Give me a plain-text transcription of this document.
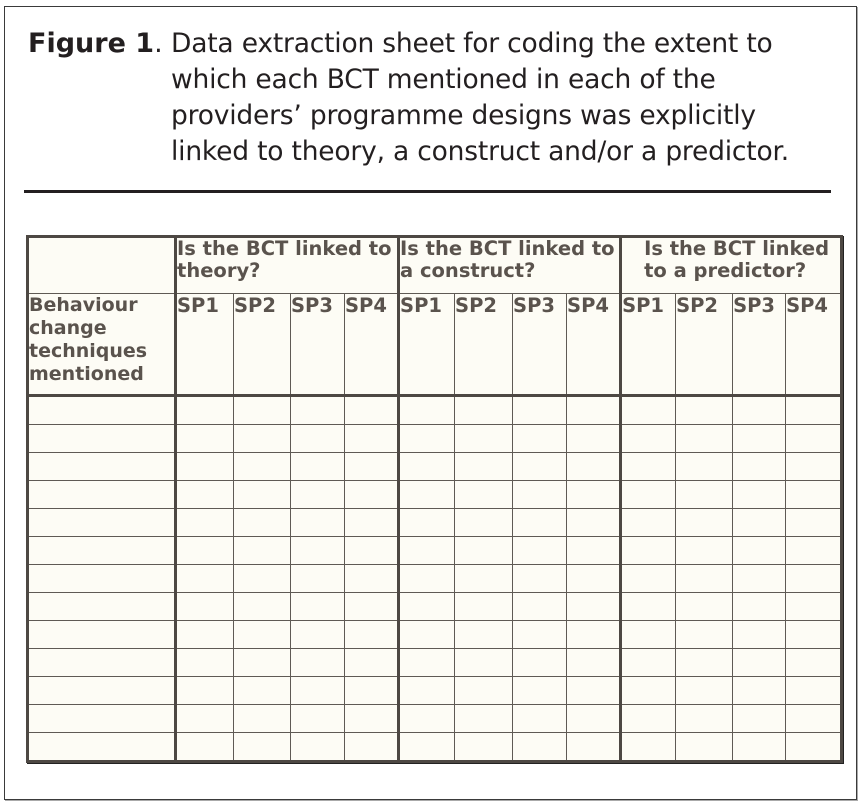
Figure 1. Data extraction sheet for coding the extent to which each BCT mentioned in each of the providers’ programme designs was explicitly linked to theory, a construct and/or a predictor.
	Is the BCT linked to theory?				Is the BCT linked to a construct?				Is the BCT linked to a predictor?			
Behaviour change techniques mentioned	SP1	SP2	SP3	SP4	SP1	SP2	SP3	SP4	SP1	SP2	SP3	SP4
